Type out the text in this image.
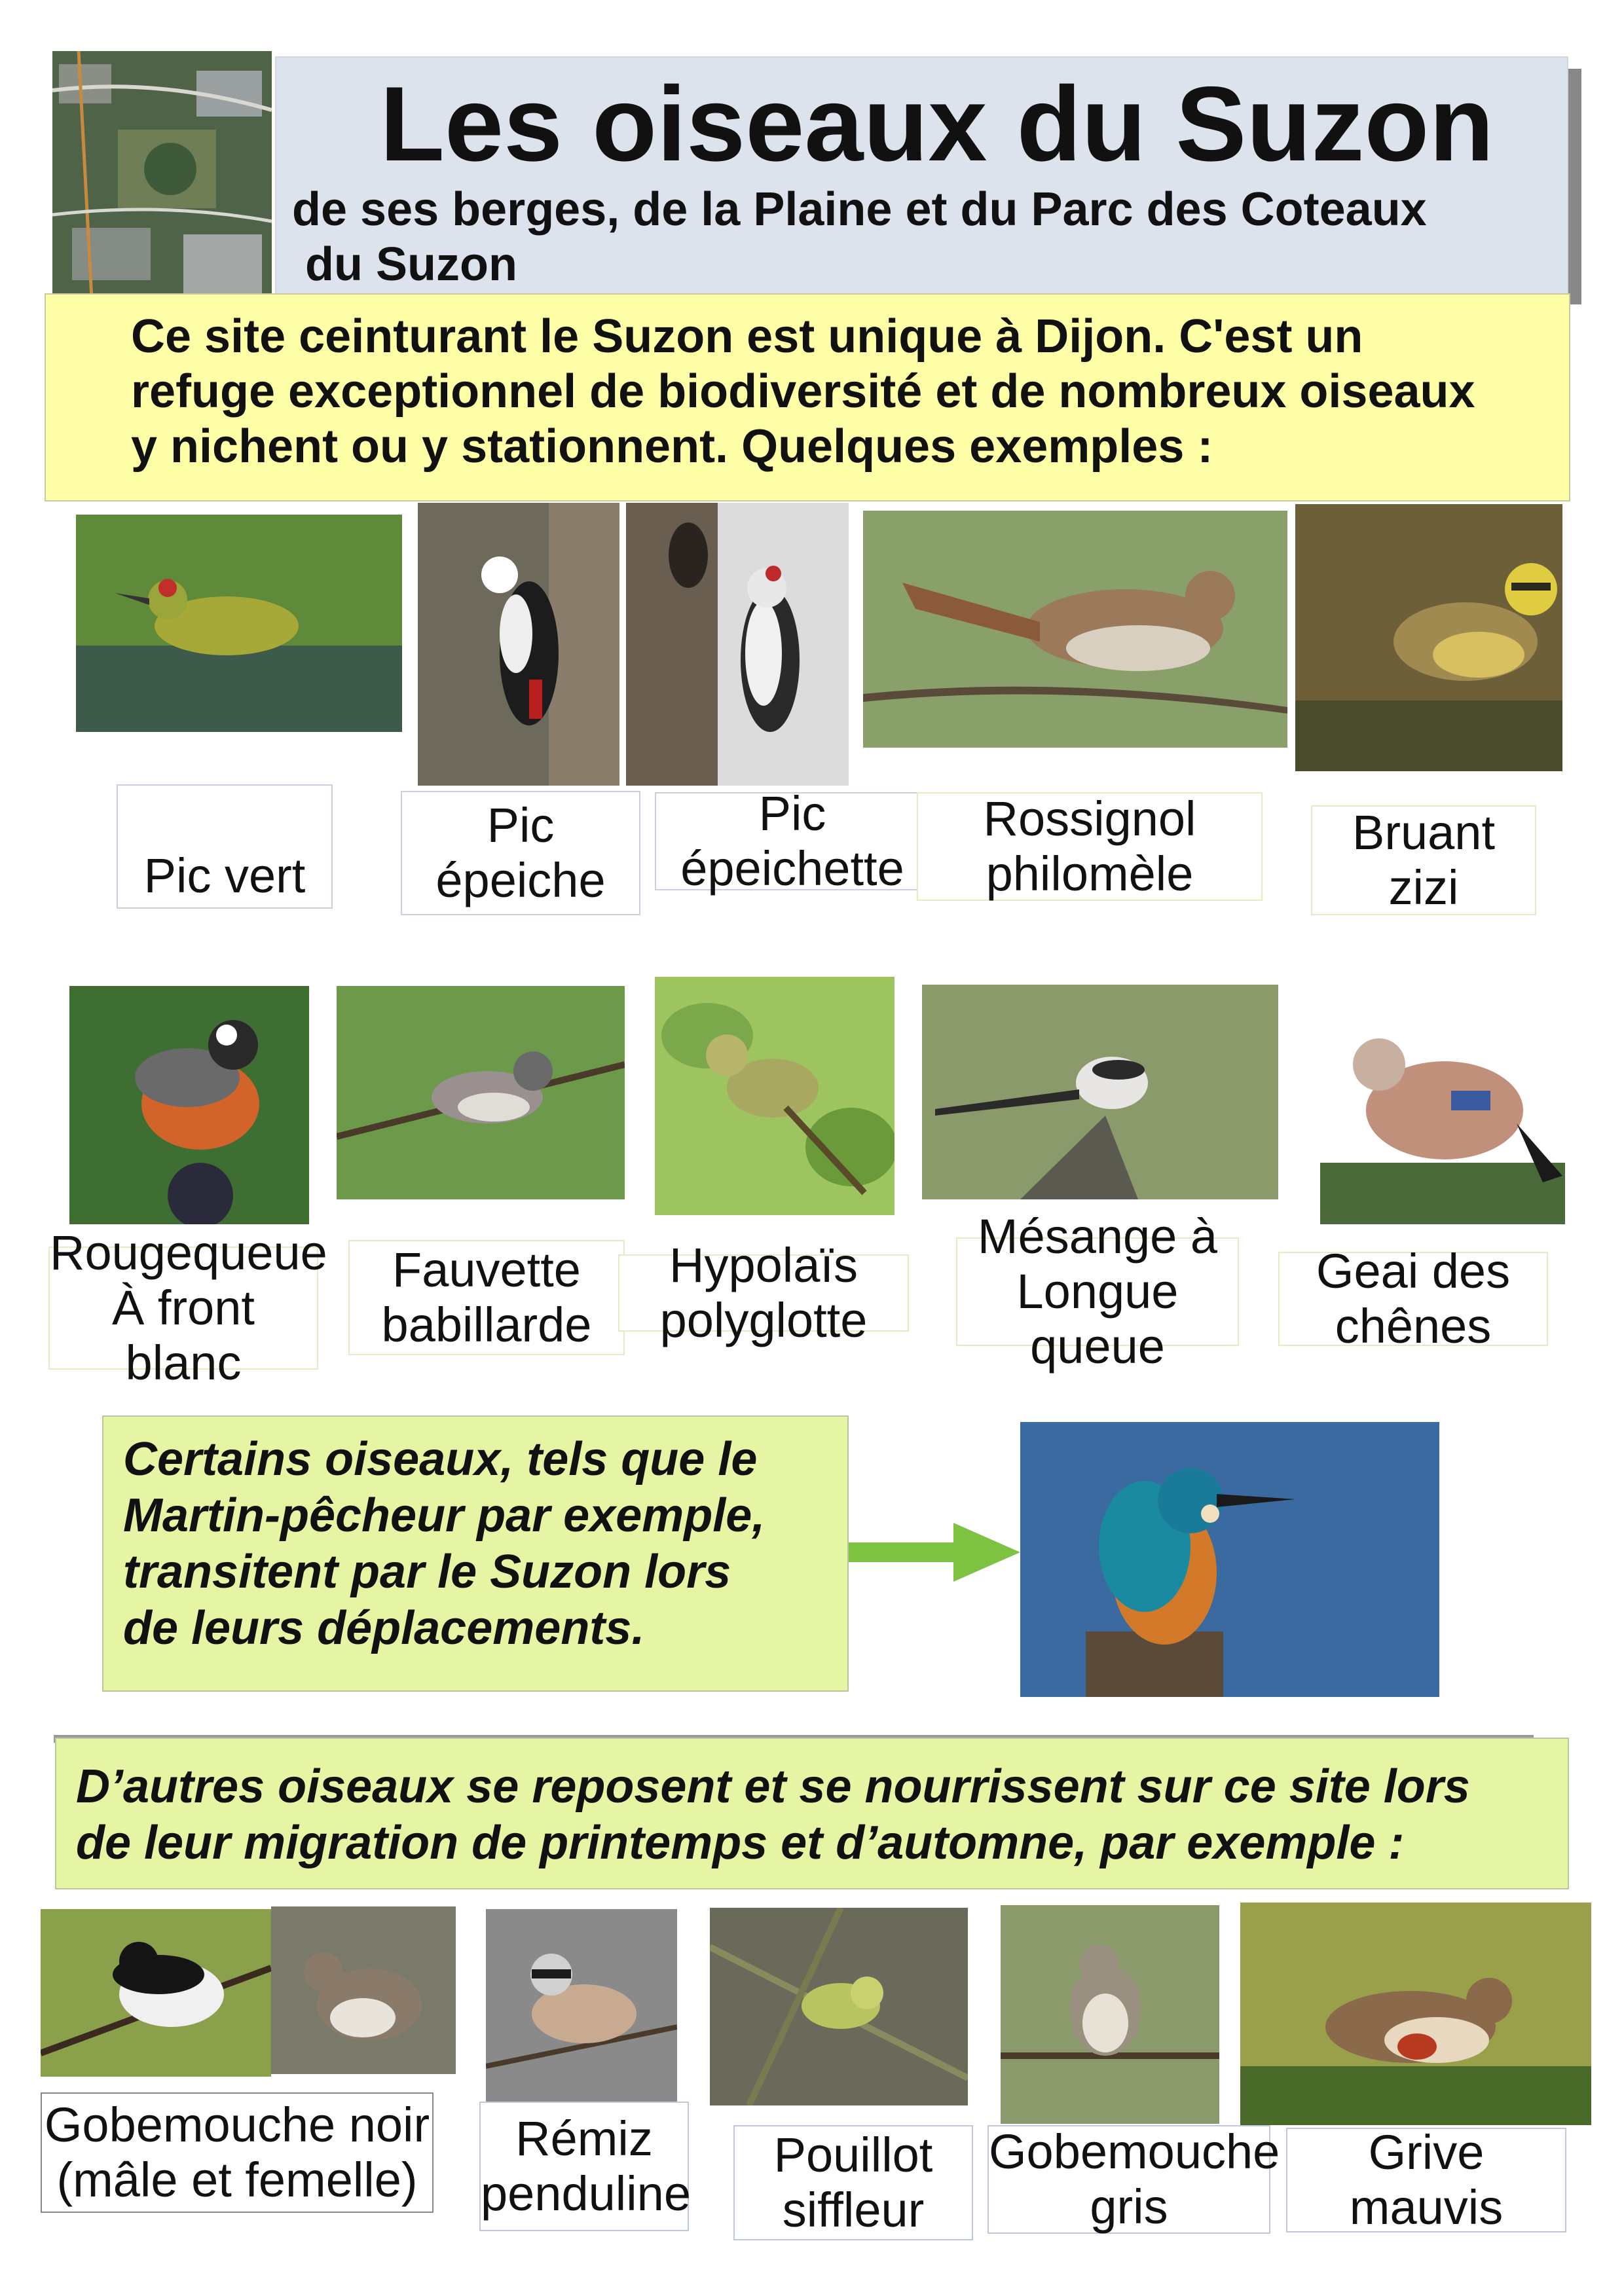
Les oiseaux du Suzon
de ses berges, de la Plaine et du Parc des Coteaux
du Suzon
Ce site ceinturant le Suzon est unique à Dijon. C'est un
refuge exceptionnel de biodiversité et de nombreux oiseaux
y nichent ou y stationnent. Quelques exemples :
Pic vert
Pic
épeiche
Pic
épeichette
Rossignol
philomèle
Bruant
zizi
Rougequeue
À front blanc
Fauvette
babillarde
Hypolaïs
polyglotte
Mésange à
Longue queue
Geai des
chênes
Certains oiseaux, tels que le
Martin-pêcheur par exemple,
transitent par le Suzon lors
de leurs déplacements.
D’autres oiseaux se reposent et se nourrissent sur ce site lors
de leur migration de printemps et d’automne, par exemple :
Gobemouche noir
(mâle et femelle)
Rémiz
penduline
Pouillot
siffleur
Gobemouche
gris
Grive
mauvis
